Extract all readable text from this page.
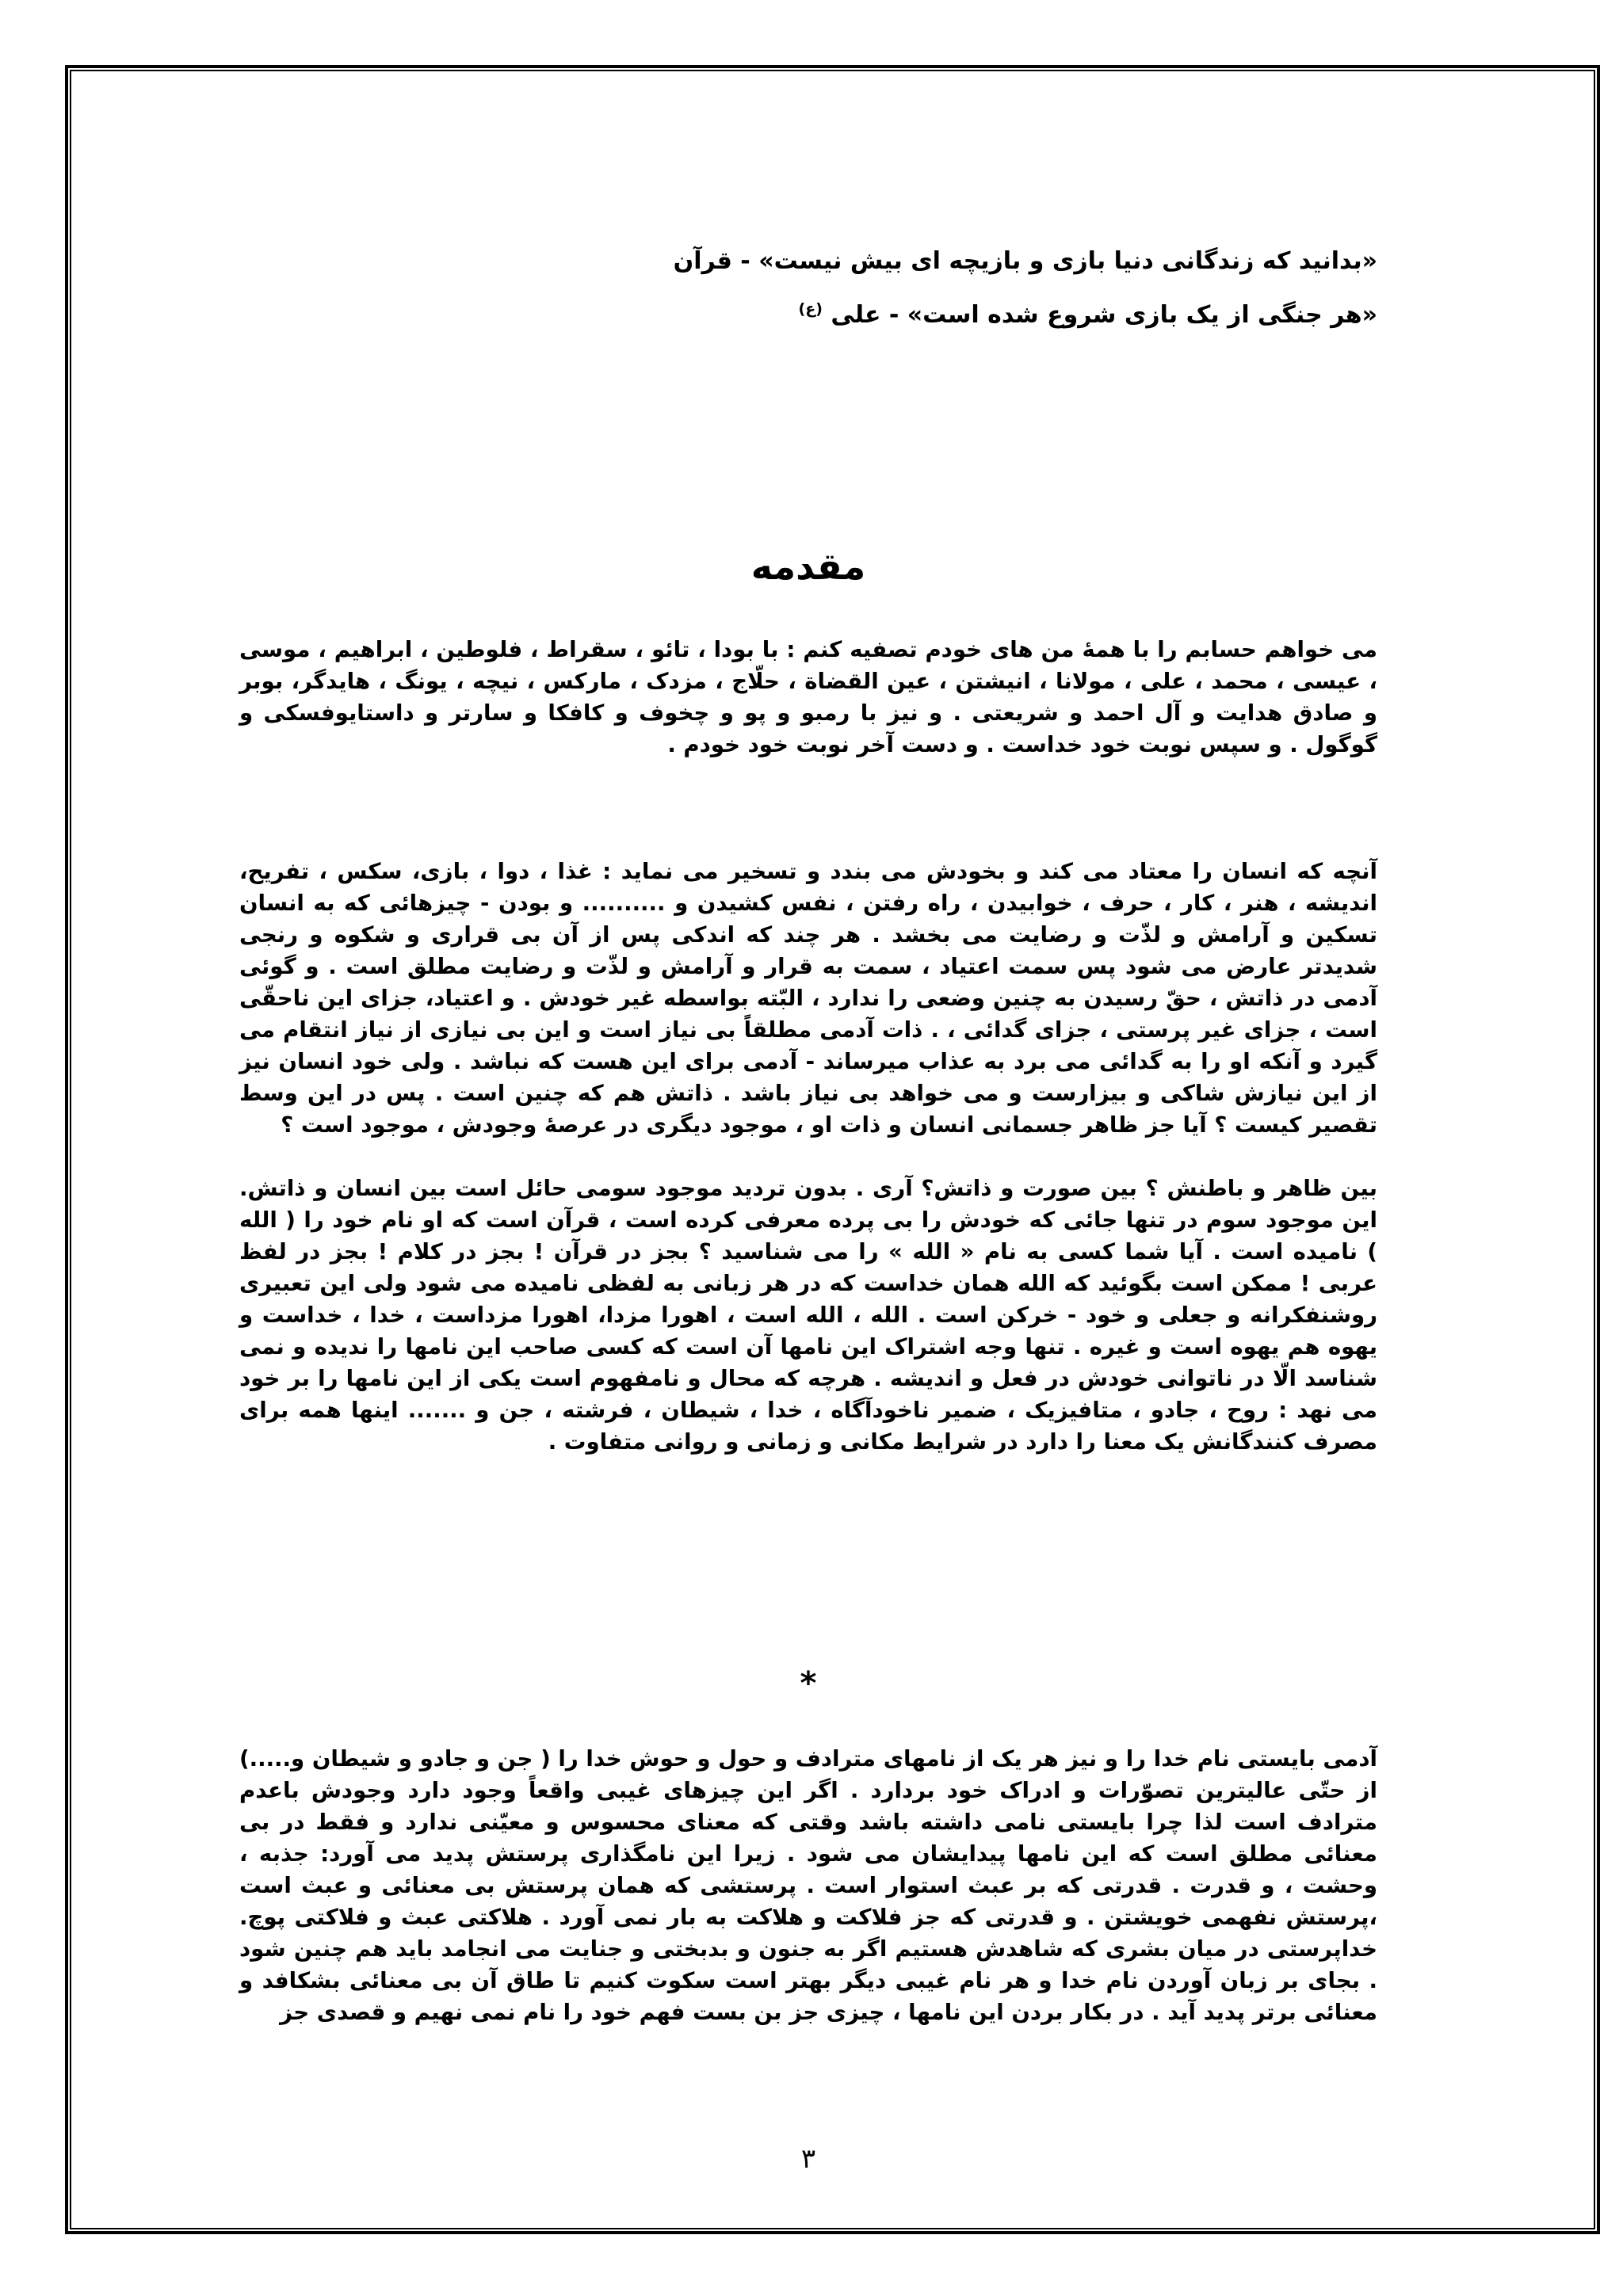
«بدانید که زندگانی دنیا بازی و بازیچه ای بیش نیست» - قرآن

«هر جنگی از یک بازی شروع شده است» - علی $^{(ع)}$

مقدمه

می خواهم حسابم را با همهٔ من های خودم تصفیه کنم : با بودا ، تائو ، سقراط ، فلوطین ، ابراهیم ، موسی ، عیسی ، محمد ، علی ، مولانا ، انیشتن ، عین القضاة ، حلّاج ، مزدک ، مارکس ، نیچه ، یونگ ، هایدگر، بوبر و صادق هدایت و آل احمد و شریعتی . و نیز با رمبو و پو و چخوف و کافکا و سارتر و داستایوفسکی و گوگول . و سپس نوبت خود خداست . و دست آخر نوبت خود خودم .

آنچه که انسان را معتاد می کند و بخودش می بندد و تسخیر می نماید : غذا ، دوا ، بازی، سکس ، تفریح، اندیشه ، هنر ، کار ، حرف ، خوابیدن ، راه رفتن ، نفس کشیدن و .......... و بودن - چیزهائی که به انسان تسکین و آرامش و لذّت و رضایت می بخشد . هر چند که اندکی پس از آن بی قراری و شکوه و رنجی شدیدتر عارض می شود پس سمت اعتیاد ، سمت به قرار و آرامش و لذّت و رضایت مطلق است . و گوئی آدمی در ذاتش ، حقّ رسیدن به چنین وضعی را ندارد ، البّته بواسطه غیر خودش . و اعتیاد، جزای این ناحقّی است ، جزای غیر پرستی ، جزای گدائی ، . ذات آدمی مطلقاً بی نیاز است و این بی نیازی از نیاز انتقام می گیرد و آنکه او را به گدائی می برد به عذاب میرساند - آدمی برای این هست که نباشد . ولی خود انسان نیز از این نیازش شاکی و بیزارست و می خواهد بی نیاز باشد . ذاتش هم که چنین است . پس در این وسط تقصیر کیست ؟ آیا جز ظاهر جسمانی انسان و ذات او ، موجود دیگری در عرصهٔ وجودش ، موجود است ؟

بین ظاهر و باطنش ؟ بین صورت و ذاتش؟ آری . بدون تردید موجود سومی حائل است بین انسان و ذاتش. این موجود سوم در تنها جائی که خودش را بی پرده معرفی کرده است ، قرآن است که او نام خود را ( الله ) نامیده است . آیا شما کسی به نام « الله » را می شناسید ؟ بجز در قرآن ! بجز در کلام ! بجز در لفظ عربی ! ممکن است بگوئید که الله همان خداست که در هر زبانی به لفظی نامیده می شود ولی این تعبیری روشنفکرانه و جعلی و خود - خرکن است . الله ، الله است ، اهورا مزدا، اهورا مزداست ، خدا ، خداست و یهوه هم یهوه است و غیره . تنها وجه اشتراک این نامها آن است که کسی صاحب این نامها را ندیده و نمی شناسد الّا در ناتوانی خودش در فعل و اندیشه . هرچه که محال و نامفهوم است یکی از این نامها را بر خود می نهد : روح ، جادو ، متافیزیک ، ضمیر ناخودآگاه ، خدا ، شیطان ، فرشته ، جن و ....... اینها همه برای مصرف کنندگانش یک معنا را دارد در شرایط مکانی و زمانی و روانی متفاوت .

*

آدمی بایستی نام خدا را و نیز هر یک از نامهای مترادف و حول و حوش خدا را ( جن و جادو و شیطان و.....) از حتّی عالیترین تصوّرات و ادراک خود بردارد . اگر این چیزهای غیبی واقعاً وجود دارد وجودش باعدم مترادف است لذا چرا بایستی نامی داشته باشد وقتی که معنای محسوس و معیّنی ندارد و فقط در بی معنائی مطلق است که این نامها پیدایشان می شود . زیرا این نامگذاری پرستش پدید می آورد: جذبه ، وحشت ، و قدرت . قدرتی که بر عبث استوار است . پرستشی که همان پرستش بی معنائی و عبث است ،پرستش نفهمی خویشتن . و قدرتی که جز فلاکت و هلاکت به بار نمی آورد . هلاکتی عبث و فلاکتی پوچ. خداپرستی در میان بشری که شاهدش هستیم اگر به جنون و بدبختی و جنایت می انجامد باید هم چنین شود . بجای بر زبان آوردن نام خدا و هر نام غیبی دیگر بهتر است سکوت کنیم تا طاق آن بی معنائی بشکافد و معنائی برتر پدید آید . در بکار بردن این نامها ، چیزی جز بن بست فهم خود را نام نمی نهیم و قصدی جز

۳
